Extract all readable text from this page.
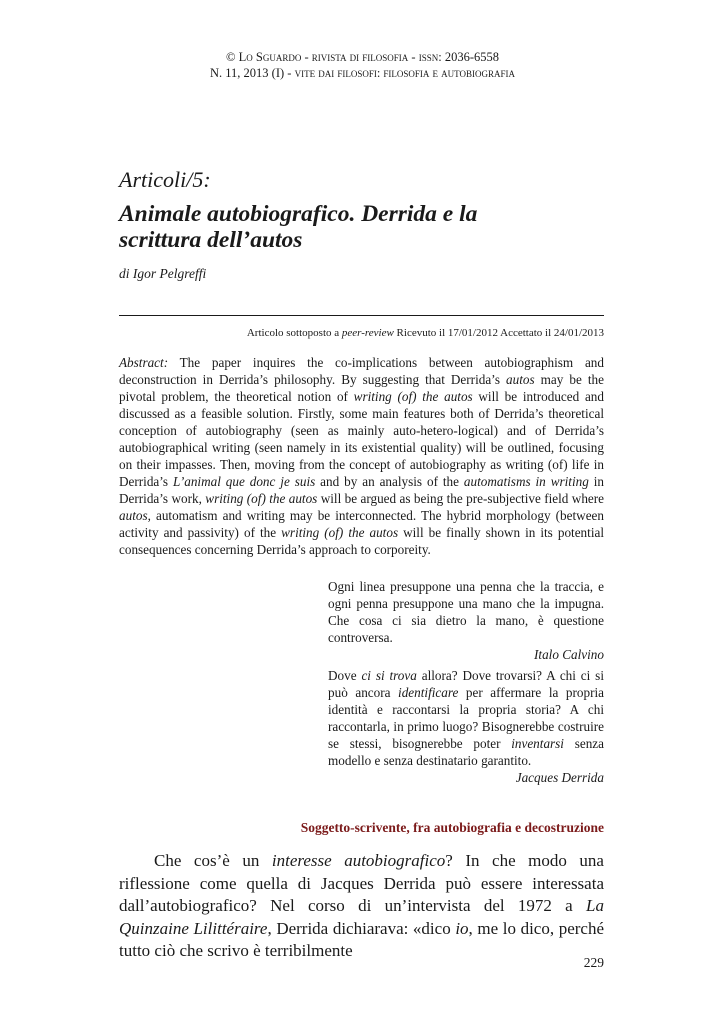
© Lo Sguardo - rivista di filosofia - issn: 2036-6558
N. 11, 2013 (I) - vite dai filosofi: filosofia e autobiografia
Articoli/5:
Animale autobiografico. Derrida e la
scrittura dell’autos
di Igor Pelgreffi
Articolo sottoposto a peer-review Ricevuto il 17/01/2012 Accettato il 24/01/2013

Abstract: The paper inquires the co-implications between autobiographism and deconstruction in Derrida’s philosophy. By suggesting that Derrida’s autos may be the pivotal problem, the theoretical notion of writing (of) the autos will be introduced and discussed as a feasible solution. Firstly, some main features both of Derrida’s theoretical conception of autobiography (seen as mainly auto-hetero-logical) and of Derrida’s autobiographical writing (seen namely in its existential quality) will be outlined, focusing on their impasses. Then, moving from the concept of autobiography as writing (of) life in Derrida’s L’animal que donc je suis and by an analysis of the automatisms in writing in Derrida’s work, writing (of) the autos will be argued as being the pre-subjective field where autos, automatism and writing may be interconnected. The hybrid morphology (between activity and passivity) of the writing (of) the autos will be finally shown in its potential consequences concerning Derrida’s approach to corporeity.

Ogni linea presuppone una penna che la traccia, e ogni penna presuppone una mano che la impugna. Che cosa ci sia dietro la mano, è questione controversa.

Italo Calvino

Dove ci si trova allora? Dove trovarsi? A chi ci si può ancora identificare per affermare la propria identità e raccontarsi la propria storia? A chi raccontarla, in primo luogo? Bisognerebbe costruire se stessi, bisognerebbe poter inventarsi senza modello e senza destinatario garantito.

Jacques Derrida

Soggetto-scrivente, fra autobiografia e decostruzione

Che cos’è un interesse autobiografico? In che modo una riflessione come quella di Jacques Derrida può essere interessata dall’autobiografico? Nel corso di un’intervista del 1972 a La Quinzaine Lilittéraire, Derrida dichiarava: «dico io, me lo dico, perché tutto ciò che scrivo è terribilmente

229
